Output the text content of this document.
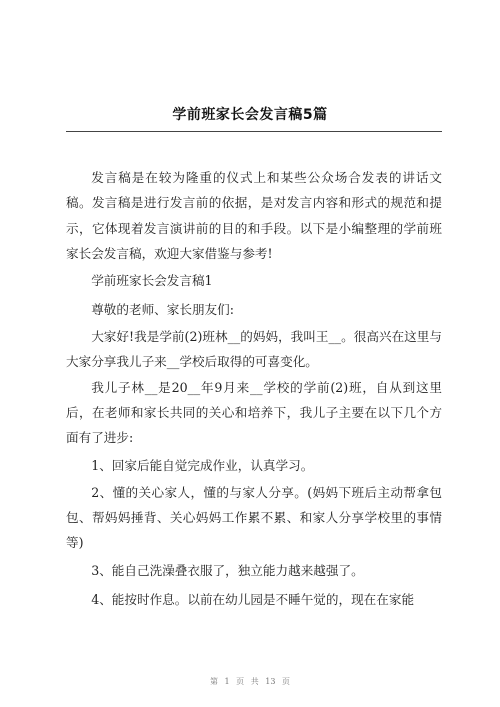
学前班家长会发言稿5篇

发言稿是在较为隆重的仪式上和某些公众场合发表的讲话文稿。发言稿是进行发言前的依据，是对发言内容和形式的规范和提示，它体现着发言演讲前的目的和手段。以下是小编整理的学前班家长会发言稿，欢迎大家借鉴与参考!

学前班家长会发言稿1

尊敬的老师、家长朋友们:

大家好!我是学前(2)班林__的妈妈，我叫王__。很高兴在这里与大家分享我儿子来__学校后取得的可喜变化。

我儿子林__是20__年9月来__学校的学前(2)班，自从到这里后，在老师和家长共同的关心和培养下，我儿子主要在以下几个方面有了进步:

1、回家后能自觉完成作业，认真学习。

2、懂的关心家人，懂的与家人分享。(妈妈下班后主动帮拿包包、帮妈妈捶背、关心妈妈工作累不累、和家人分享学校里的事情等)

3、能自己洗澡叠衣服了，独立能力越来越强了。

4、能按时作息。以前在幼儿园是不睡午觉的，现在在家能

第 1 页 共 13 页
